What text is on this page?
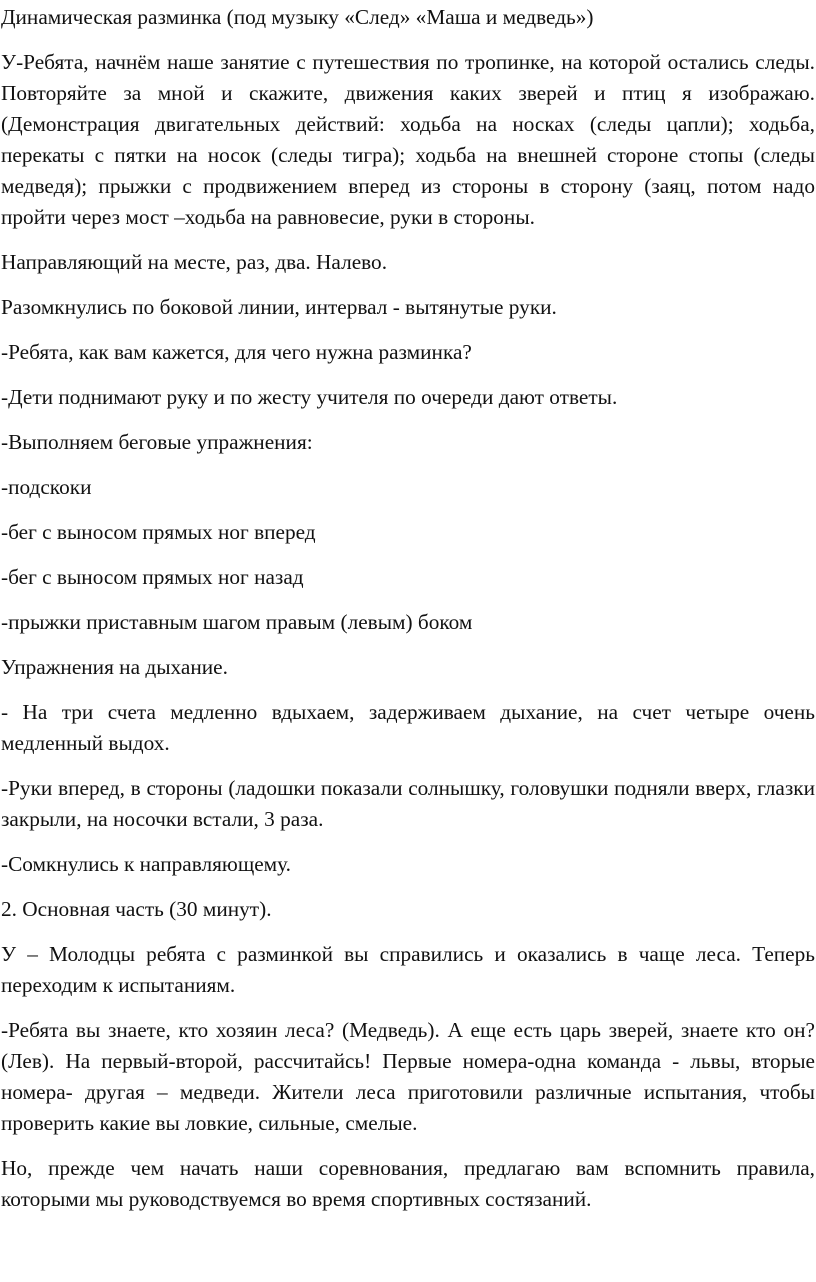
Динамическая разминка (под музыку «След» «Маша и медведь»)

У-Ребята, начнём наше занятие с путешествия по тропинке, на которой остались следы. Повторяйте за мной и скажите, движения каких зверей и птиц я изображаю. (Демонстрация двигательных действий: ходьба на носках (следы цапли); ходьба, перекаты с пятки на носок (следы тигра); ходьба на внешней стороне стопы (следы медведя); прыжки с продвижением вперед из стороны в сторону (заяц, потом надо пройти через мост –ходьба на равновесие, руки в стороны.

Направляющий на месте, раз, два. Налево.

Разомкнулись по боковой линии, интервал - вытянутые руки.

-Ребята, как вам кажется, для чего нужна разминка?

-Дети поднимают руку и по жесту учителя по очереди дают ответы.

-Выполняем беговые упражнения:

-подскоки

-бег с выносом прямых ног вперед

-бег с выносом прямых ног назад

-прыжки приставным шагом правым (левым) боком

Упражнения на дыхание.

- На три счета медленно вдыхаем, задерживаем дыхание, на счет четыре очень медленный выдох.

-Руки вперед, в стороны (ладошки показали солнышку, головушки подняли вверх, глазки закрыли, на носочки встали, 3 раза.

-Сомкнулись к направляющему.

2. Основная часть (30 минут).

У – Молодцы ребята с разминкой вы справились и оказались в чаще леса. Теперь переходим к испытаниям.

-Ребята вы знаете, кто хозяин леса? (Медведь). А еще есть царь зверей, знаете кто он? (Лев). На первый-второй, рассчитайсь! Первые номера-одна команда - львы, вторые номера- другая – медведи. Жители леса приготовили различные испытания, чтобы проверить какие вы ловкие, сильные, смелые.

Но, прежде чем начать наши соревнования, предлагаю вам вспомнить правила, которыми мы руководствуемся во время спортивных состязаний.
